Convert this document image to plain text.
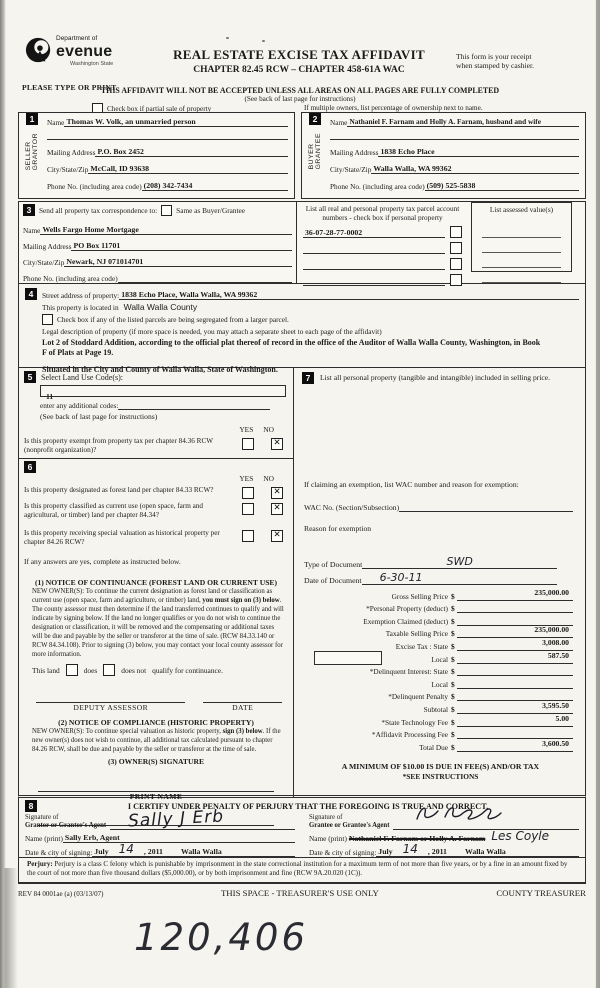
Department of
evenue
Washington State
PLEASE TYPE OR PRINT
REAL ESTATE EXCISE TAX AFFIDAVIT
CHAPTER 82.45 RCW – CHAPTER 458-61A WAC
This form is your receipt
when stamped by cashier.
THIS AFFIDAVIT WILL NOT BE ACCEPTED UNLESS ALL AREAS ON ALL PAGES ARE FULLY COMPLETED
(See back of last page for instructions)
Check box if partial sale of property	If multiple owners, list percentage of ownership next to name.
1
SELLER GRANTOR
Name Thomas W. Volk, an unmarried person
Mailing Address P.O. Box 2452
City/State/Zip McCall, ID 93638
Phone No. (including area code) (208) 342-7434
2
BUYER GRANTEE
Name Nathaniel F. Farnam and Holly A. Farnam, husband and wife
Mailing Address 1838 Echo Place
City/State/Zip Walla Walla, WA 99362
Phone No. (including area code) (509) 525-5838
3	Send all property tax correspondence to:	Same as Buyer/Grantee
Name Wells Fargo Home Mortgage
Mailing Address PO Box 11701
City/State/Zip Newark, NJ 071014701
Phone No. (including area code)
List all real and personal property tax parcel account
numbers - check box if personal property
36-07-28-77-0002
List assessed value(s)
4	Street address of property: 1838 Echo Place, Walla Walla, WA 99362
This property is located in Walla Walla County
Check box if any of the listed parcels are being segregated from a larger parcel.
Legal description of property (if more space is needed, you may attach a separate sheet to each page of the affidavit)
Lot 2 of Stoddard Addition, according to the official plat thereof of record in the office of the Auditor of Walla Walla County, Washington, in Book F of Plats at Page 19.
Situated in the City and County of Walla Walla, State of Washington.
5	Select Land Use Code(s):
11
enter any additional codes:
(See back of last page for instructions)
YES NO
Is this property exempt from property tax per chapter 84.36 RCW (nonprofit organization)?
✕
6
YES NO
Is this property designated as forest land per chapter 84.33 RCW?
✕
Is this property classified as current use (open space, farm and agricultural, or timber) land per chapter 84.34?
✕
Is this property receiving special valuation as historical property per chapter 84.26 RCW?
✕
If any answers are yes, complete as instructed below.
(1) NOTICE OF CONTINUANCE (FOREST LAND OR CURRENT USE)
NEW OWNER(S): To continue the current designation as forest land or classification as current use (open space, farm and agriculture, or timber) land, you must sign on (3) below. The county assessor must then determine if the land transferred continues to qualify and will indicate by signing below. If the land no longer qualifies or you do not wish to continue the designation or classification, it will be removed and the compensating or additional taxes will be due and payable by the seller or transferor at the time of sale. (RCW 84.33.140 or RCW 84.34.108). Prior to signing (3) below, you may contact your local county assessor for more information.
This land	does	does not qualify for continuance.
DEPUTY ASSESSOR	DATE
(2) NOTICE OF COMPLIANCE (HISTORIC PROPERTY)
NEW OWNER(S): To continue special valuation as historic property, sign (3) below. If the new owner(s) does not wish to continue, all additional tax calculated pursuant to chapter 84.26 RCW, shall be due and payable by the seller or transferor at the time of sale.
(3) OWNER(S) SIGNATURE
PRINT NAME
7	List all personal property (tangible and intangible) included in selling price.
If claiming an exemption, list WAC number and reason for exemption:
WAC No. (Section/Subsection)
Reason for exemption
Type of Document	SWD
Date of Document 6-30-11
Gross Selling Price $	235,000.00
*Personal Property (deduct) $
Exemption Claimed (deduct) $
Taxable Selling Price $	235,000.00
Excise Tax : State $	3,008.00
Local $	587.50
*Delinquent Interest: State $
Local $
*Delinquent Penalty $
Subtotal $	3,595.50
*State Technology Fee $	5.00
*Affidavit Processing Fee $
Total Due $	3,600.50
A MINIMUM OF $10.00 IS DUE IN FEE(S) AND/OR TAX
*SEE INSTRUCTIONS
8	I CERTIFY UNDER PENALTY OF PERJURY THAT THE FOREGOING IS TRUE AND CORRECT.
Signature of
Grantor or Grantor's Agent Sally J Erb
Name (print) Sally Erb, Agent
Date & city of signing: July 14 , 2011 Walla Walla
Signature of
Grantee or Grantee's Agent
Name (print) Nathaniel F. Farnam or Holly A. Farnam Les Coyle
Date & city of signing: July 14 , 2011 Walla Walla
Perjury: Perjury is a class C felony which is punishable by imprisonment in the state correctional institution for a maximum term of not more than five years, or by a fine in an amount fixed by the court of not more than five thousand dollars ($5,000.00), or by both imprisonment and fine (RCW 9A.20.020 (1C)).
REV 84 0001ae (a) (03/13/07)	THIS SPACE - TREASURER'S USE ONLY	COUNTY TREASURER
120,406
